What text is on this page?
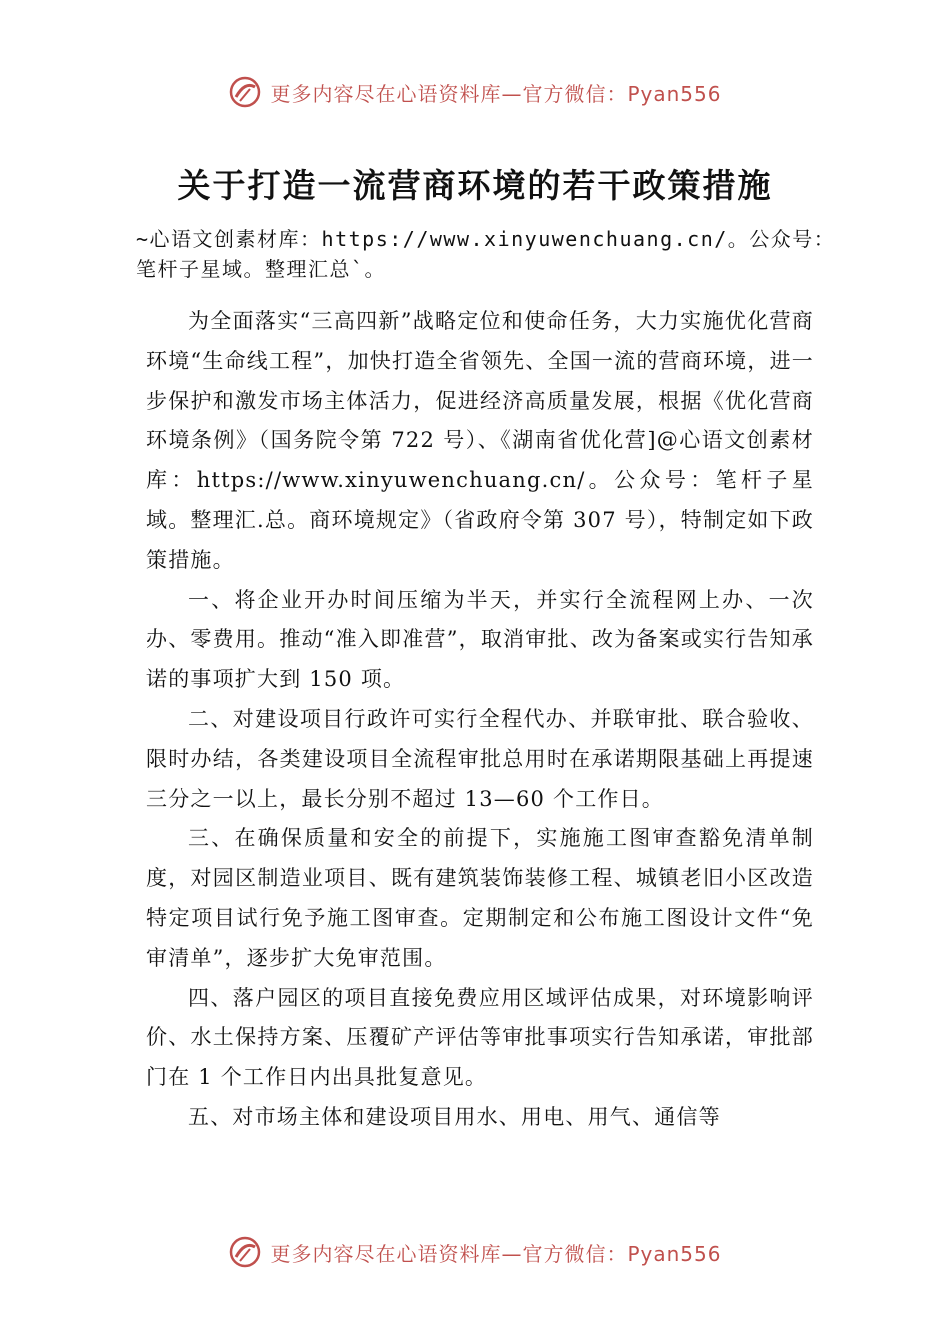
更多内容尽在心语资料库—官方微信：Pyan556
关于打造一流营商环境的若干政策措施
~心语文创素材库：https://www.xinyuwenchuang.cn/。公众号：笔杆子星域。整理汇总`。

为全面落实“三高四新”战略定位和使命任务，大力实施优化营商环境“生命线工程”，加快打造全省领先、全国一流的营商环境，进一步保护和激发市场主体活力，促进经济高质量发展，根据《优化营商环境条例》（国务院令第 722 号）、《湖南省优化营]@心语文创素材库：https://www.xinyuwenchuang.cn/。公众号：笔杆子星域。整理汇.总。商环境规定》（省政府令第 307 号），特制定如下政策措施。

一、将企业开办时间压缩为半天，并实行全流程网上办、一次办、零费用。推动“准入即准营”，取消审批、改为备案或实行告知承诺的事项扩大到 150 项。

二、对建设项目行政许可实行全程代办、并联审批、联合验收、限时办结，各类建设项目全流程审批总用时在承诺期限基础上再提速三分之一以上，最长分别不超过 13—60 个工作日。

三、在确保质量和安全的前提下，实施施工图审查豁免清单制度，对园区制造业项目、既有建筑装饰装修工程、城镇老旧小区改造特定项目试行免予施工图审查。定期制定和公布施工图设计文件“免审清单”，逐步扩大免审范围。

四、落户园区的项目直接免费应用区域评估成果，对环境影响评价、水土保持方案、压覆矿产评估等审批事项实行告知承诺，审批部门在 1 个工作日内出具批复意见。

五、对市场主体和建设项目用水、用电、用气、通信等

更多内容尽在心语资料库—官方微信：Pyan556
